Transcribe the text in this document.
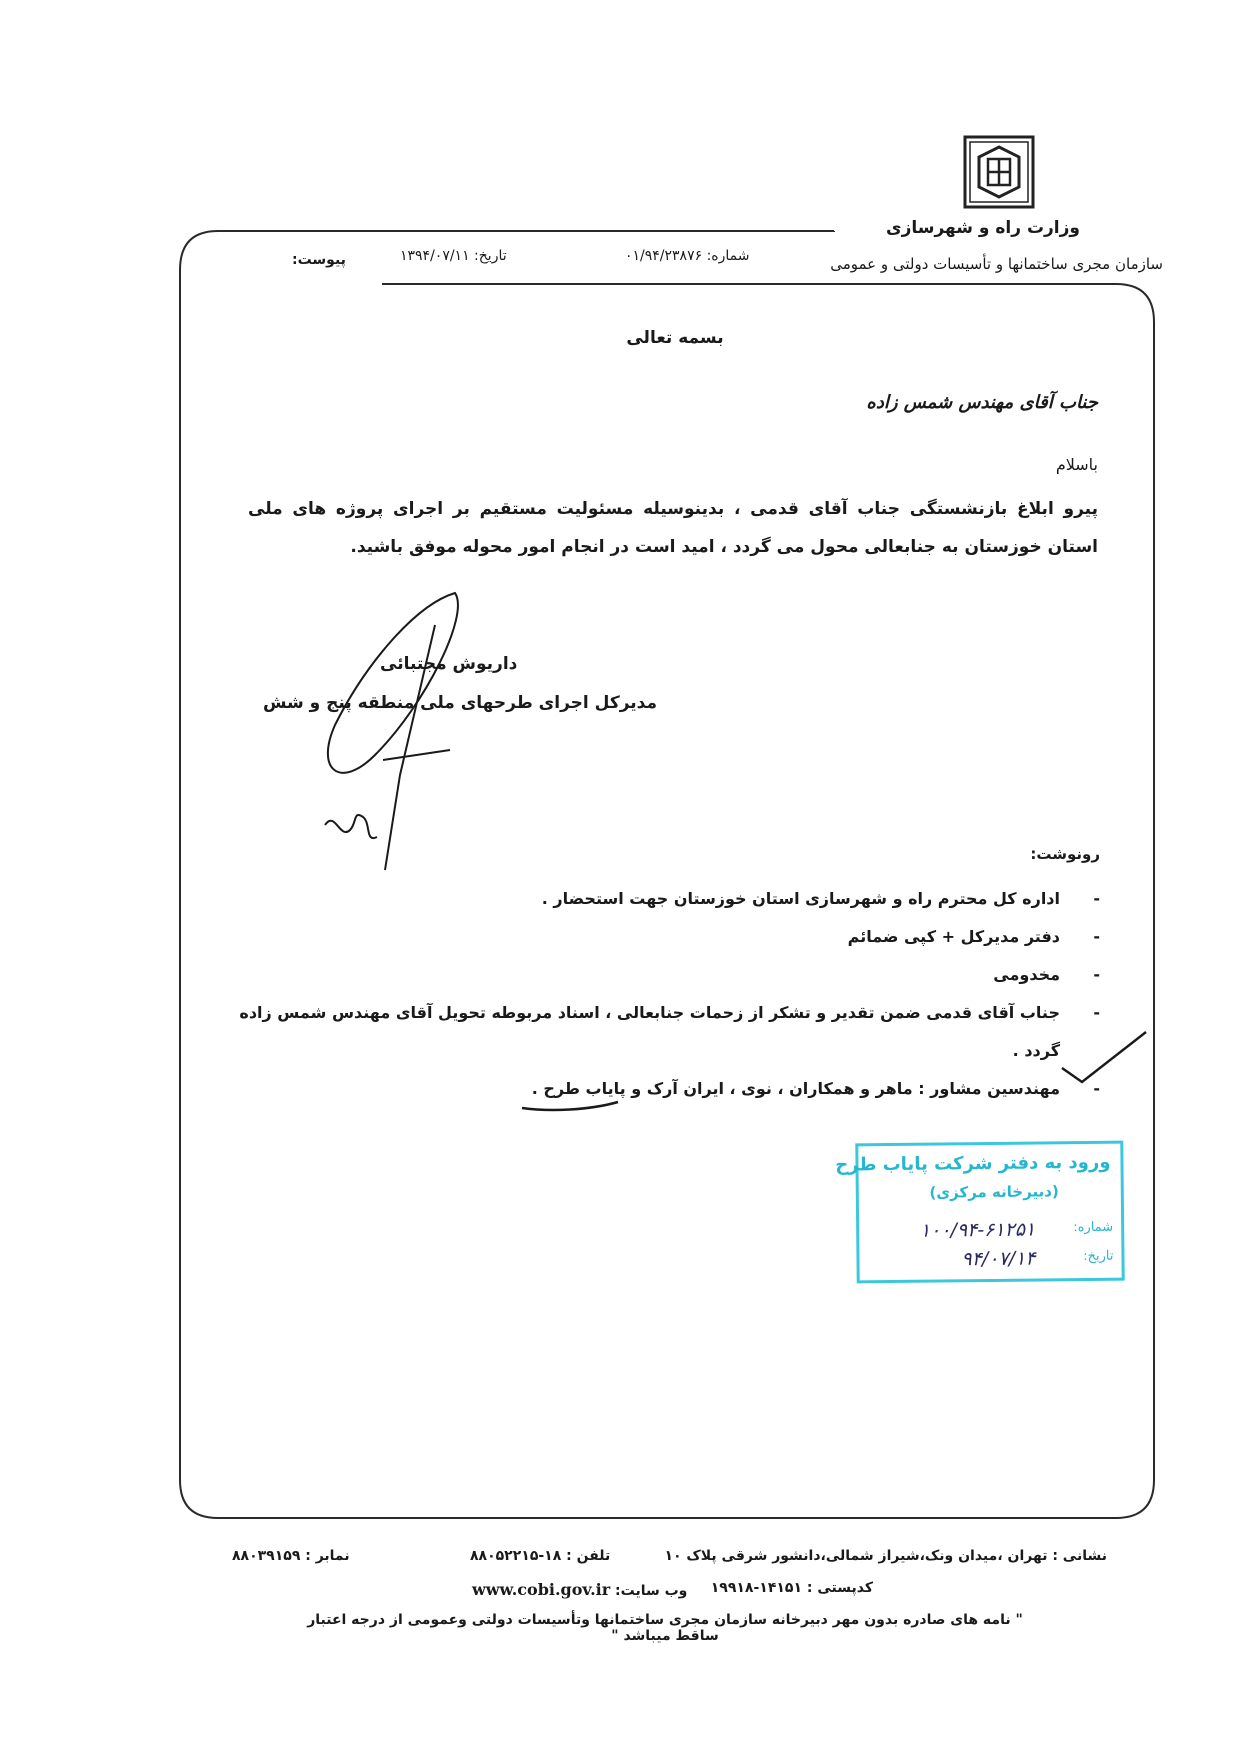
وزارت راه و شهرسازی
سازمان مجری ساختمانها و تأسیسات دولتی و عمومی
شماره: ۰۱/۹۴/۲۳۸۷۶
تاریخ: ۱۳۹۴/۰۷/۱۱
پیوست:
بسمه تعالی
جناب آقای مهندس شمس زاده
باسلام
پیرو ابلاغ بازنشستگی جناب آقای قدمی ، بدینوسیله مسئولیت مستقیم بر اجرای پروژه های ملی استان خوزستان به جنابعالی محول می گردد ، امید است در انجام امور محوله موفق باشید.
داریوش مجتبائی
مدیرکل اجرای طرحهای ملی منطقه پنج و شش
رونوشت:
-
اداره کل محترم راه و شهرسازی استان خوزستان جهت استحضار .
-
دفتر مدیرکل + کپی ضمائم
-
مخدومی
-
جناب آقای قدمی ضمن تقدیر و تشکر از زحمات جنابعالی ، اسناد مربوطه تحویل آقای مهندس شمس زاده گردد .
-
مهندسین مشاور : ماهر و همکاران ، نوی ، ایران آرک و پایاب طرح .
ورود به دفتر شرکت پایاب طرح
(دبیرخانه مرکزی)
شماره:
۱۰۰/۹۴-۶۱۲۵۱
تاریخ:
۹۴/۰۷/۱۴
نشانی : تهران ،میدان ونک،شیراز شمالی،دانشور شرقی پلاک ۱۰
کدپستی : ۱۴۱۵۱-۱۹۹۱۸
تلفن : ۱۸-۸۸۰۵۲۲۱۵
وب سایت: www.cobi.gov.ir
نمابر : ۸۸۰۳۹۱۵۹
" نامه های صادره بدون مهر دبیرخانه سازمان مجری ساختمانها وتأسیسات دولتی وعمومی از درجه اعتبار ساقط میباشد "
